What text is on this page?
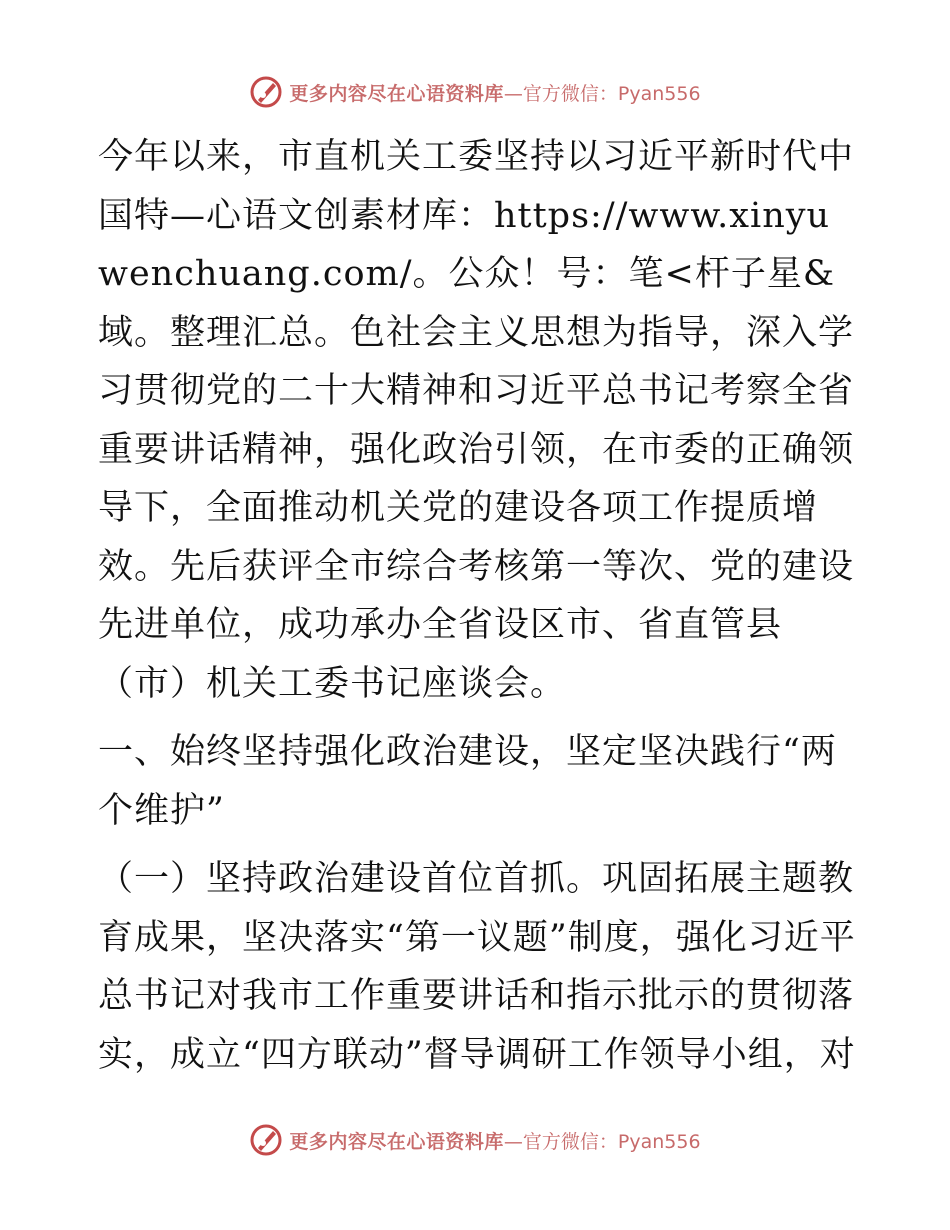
更多内容尽在心语资料库 —官方微信：Pyan556

今年以来，市直机关工委坚持以习近平新时代中国特—心语文创素材库：https://www.xinyuwenchuang.com/。公众！号：笔<杆子星&域。整理汇总。色社会主义思想为指导，深入学习贯彻党的二十大精神和习近平总书记考察全省重要讲话精神，强化政治引领，在市委的正确领导下，全面推动机关党的建设各项工作提质增效。先后获评全市综合考核第一等次、党的建设先进单位，成功承办全省设区市、省直管县（市）机关工委书记座谈会。

一、始终坚持强化政治建设，坚定坚决践行“两个维护”

（一）坚持政治建设首位首抓。巩固拓展主题教育成果，坚决落实“第一议题”制度，强化习近平总书记对我市工作重要讲话和指示批示的贯彻落实，成立“四方联动”督导调研工作领导小组，对

更多内容尽在心语资料库 —官方微信：Pyan556
